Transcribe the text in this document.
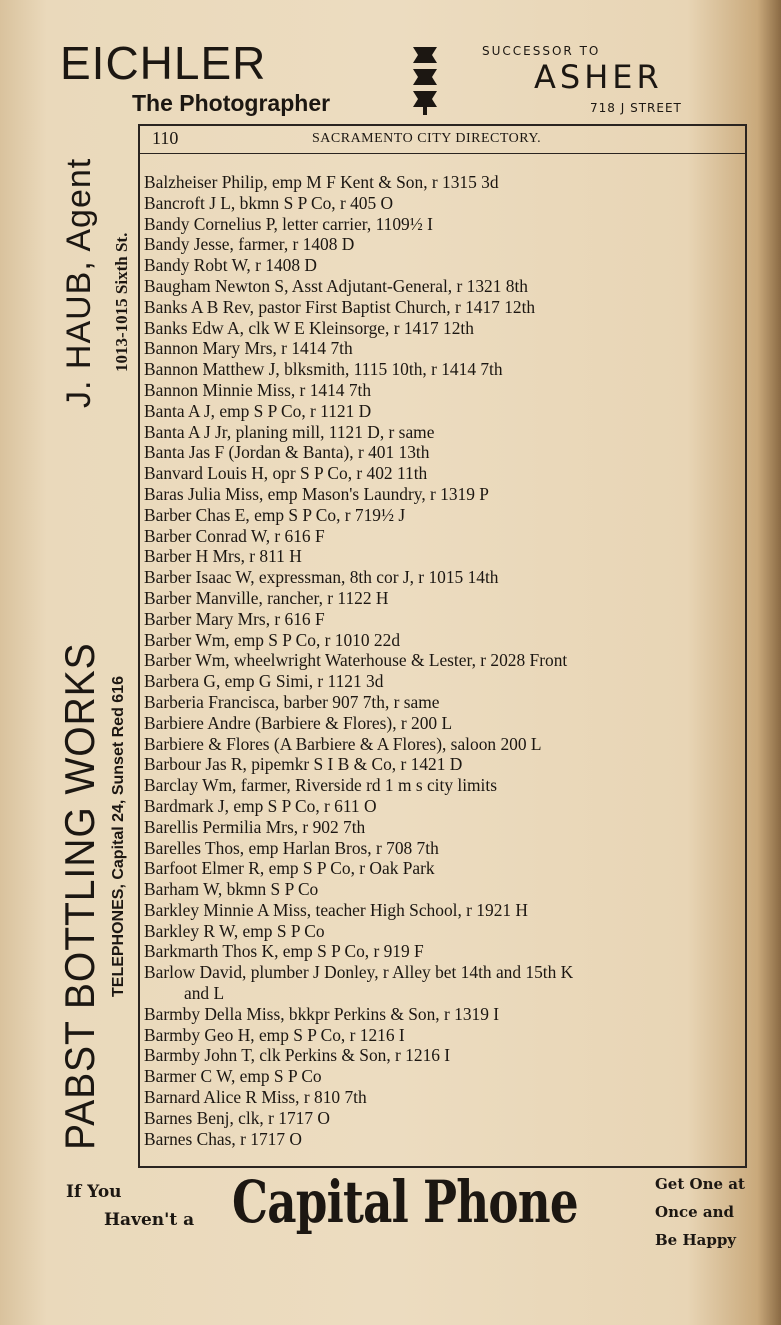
EICHLER
The Photographer
SUCCESSOR TO
ASHER
718 J STREET
PABST BOTTLING WORKS
J. HAUB, Agent 1013-1015 Sixth St.
TELEPHONES, Capital 24, Sunset Red 616
110	SACRAMENTO CITY DIRECTORY.
Balzheiser Philip, emp M F Kent & Son, r 1315 3d
Bancroft J L, bkmn S P Co, r 405 O
Bandy Cornelius P, letter carrier, 1109½ I
Bandy Jesse, farmer, r 1408 D
Bandy Robt W, r 1408 D
Baugham Newton S, Asst Adjutant-General, r 1321 8th
Banks A B Rev, pastor First Baptist Church, r 1417 12th
Banks Edw A, clk W E Kleinsorge, r 1417 12th
Bannon Mary Mrs, r 1414 7th
Bannon Matthew J, blksmith, 1115 10th, r 1414 7th
Bannon Minnie Miss, r 1414 7th
Banta A J, emp S P Co, r 1121 D
Banta A J Jr, planing mill, 1121 D, r same
Banta Jas F (Jordan & Banta), r 401 13th
Banvard Louis H, opr S P Co, r 402 11th
Baras Julia Miss, emp Mason's Laundry, r 1319 P
Barber Chas E, emp S P Co, r 719½ J
Barber Conrad W, r 616 F
Barber H Mrs, r 811 H
Barber Isaac W, expressman, 8th cor J, r 1015 14th
Barber Manville, rancher, r 1122 H
Barber Mary Mrs, r 616 F
Barber Wm, emp S P Co, r 1010 22d
Barber Wm, wheelwright Waterhouse & Lester, r 2028 Front
Barbera G, emp G Simi, r 1121 3d
Barberia Francisca, barber 907 7th, r same
Barbiere Andre (Barbiere & Flores), r 200 L
Barbiere & Flores (A Barbiere & A Flores), saloon 200 L
Barbour Jas R, pipemkr S I B & Co, r 1421 D
Barclay Wm, farmer, Riverside rd 1 m s city limits
Bardmark J, emp S P Co, r 611 O
Barellis Permilia Mrs, r 902 7th
Barelles Thos, emp Harlan Bros, r 708 7th
Barfoot Elmer R, emp S P Co, r Oak Park
Barham W, bkmn S P Co
Barkley Minnie A Miss, teacher High School, r 1921 H
Barkley R W, emp S P Co
Barkmarth Thos K, emp S P Co, r 919 F
Barlow David, plumber J Donley, r Alley bet 14th and 15th K
and L
Barmby Della Miss, bkkpr Perkins & Son, r 1319 I
Barmby Geo H, emp S P Co, r 1216 I
Barmby John T, clk Perkins & Son, r 1216 I
Barmer C W, emp S P Co
Barnard Alice R Miss, r 810 7th
Barnes Benj, clk, r 1717 O
Barnes Chas, r 1717 O
If You
Haven't a Capital Phone	Get One at
Once and
Be Happy
